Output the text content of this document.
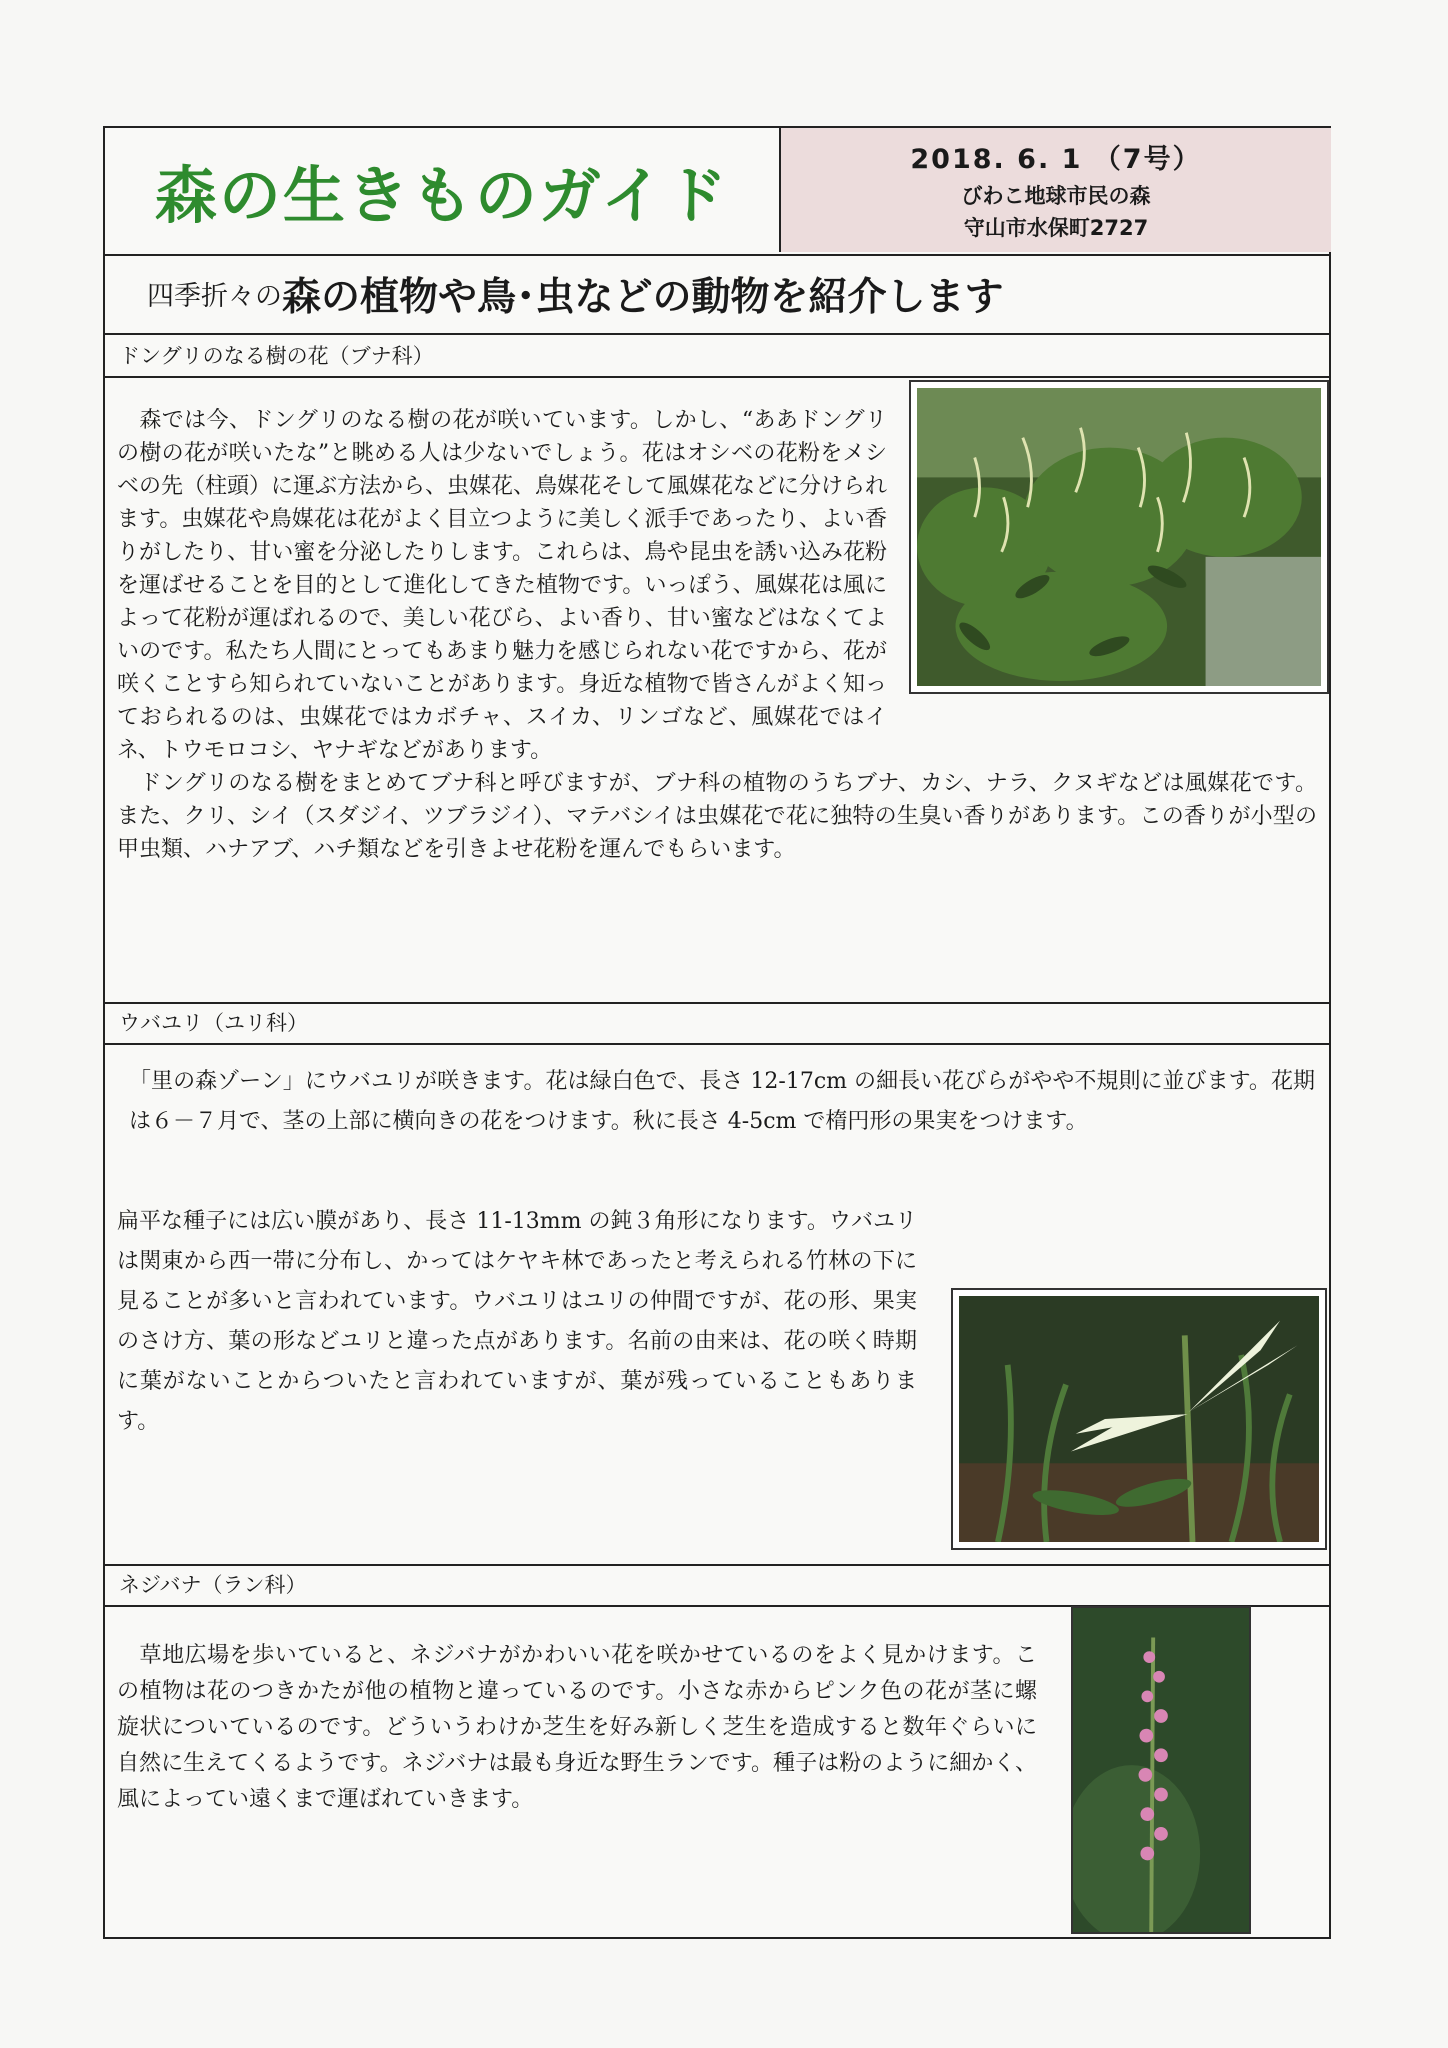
森の生きものガイド	2018. 6. 1 （7号）
びわこ地球市民の森
守山市水保町2727
四季折々の 森の植物や鳥･虫などの動物を紹介します
ドングリのなる樹の花（ブナ科）

　森では今、ドングリのなる樹の花が咲いています。しかし、“ああドングリの樹の花が咲いたな”と眺める人は少ないでしょう。花はオシベの花粉をメシベの先（柱頭）に運ぶ方法から、虫媒花、鳥媒花そして風媒花などに分けられます。虫媒花や鳥媒花は花がよく目立つように美しく派手であったり、よい香りがしたり、甘い蜜を分泌したりします。これらは、鳥や昆虫を誘い込み花粉を運ばせることを目的として進化してきた植物です。いっぽう、風媒花は風によって花粉が運ばれるので、美しい花びら、よい香り、甘い蜜などはなくてよいのです。私たち人間にとってもあまり魅力を感じられない花ですから、花が咲くことすら知られていないことがあります。身近な植物で皆さんがよく知っておられるのは、虫媒花ではカボチャ、スイカ、リンゴなど、風媒花ではイネ、トウモロコシ、ヤナギなどがあります。

　ドングリのなる樹をまとめてブナ科と呼びますが、ブナ科の植物のうちブナ、カシ、ナラ、クヌギなどは風媒花です。また、クリ、シイ（スダジイ、ツブラジイ）、マテバシイは虫媒花で花に独特の生臭い香りがあります。この香りが小型の甲虫類、ハナアブ、ハチ類などを引きよせ花粉を運んでもらいます。

ウバユリ（ユリ科）

「里の森ゾーン」にウバユリが咲きます。花は緑白色で、長さ 12-17cm の細長い花びらがやや不規則に並びます。花期は６－７月で、茎の上部に横向きの花をつけます。秋に長さ 4-5cm で楕円形の果実をつけます。

扁平な種子には広い膜があり、長さ 11-13mm の鈍３角形になります。ウバユリは関東から西一帯に分布し、かってはケヤキ林であったと考えられる竹林の下に見ることが多いと言われています。ウバユリはユリの仲間ですが、花の形、果実のさけ方、葉の形などユリと違った点があります。名前の由来は、花の咲く時期に葉がないことからついたと言われていますが、葉が残っていることもあります。

ネジバナ（ラン科）

　草地広場を歩いていると、ネジバナがかわいい花を咲かせているのをよく見かけます。この植物は花のつきかたが他の植物と違っているのです。小さな赤からピンク色の花が茎に螺旋状についているのです。どういうわけか芝生を好み新しく芝生を造成すると数年ぐらいに自然に生えてくるようです。ネジバナは最も身近な野生ランです。種子は粉のように細かく、風によってい遠くまで運ばれていきます。
